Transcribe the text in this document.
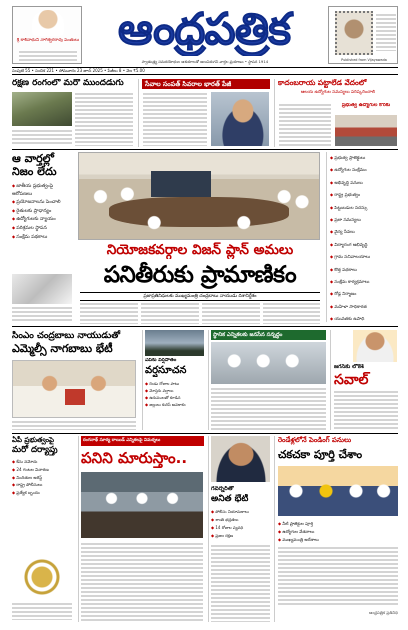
శ్రీ కాశీనాథుని నాగేశ్వరరావు పంతులు ఆంధ్రపత్రిక
స్వాతంత్ర్య సమరయోధుల ఆశయాలతో అలుపెరుగని వార్తల ప్రయాణం • స్థాపన 1914	Published from Vijayawada
సంపుటి 55 • సంచిక 221 • సోమవారం 23 జూన్ 2025 • పేజీలు 8 • వెల ₹5.00
రక్షణ రంగంలో మరో ముందడుగు	సేవాల సంపత్ సివరాల భారత్ పేజీ	కాదంబరాయ పట్టాలేడ వేదంలో
ఆలయ ఉద్యోగుల సమస్యలు పరిష్కరించాలి
ప్రభుత్వ ఉద్యోగుల కొరకు
ఆ వార్తల్లో నిజం లేదు
◆ జాతీయ ప్రభుత్వంపై ఆరోపణలు
◆ ప్రయోజనాలను పెంచాలి
◆ రైతులకు ప్రాధాన్యం
◆ ఉద్యోగులకు న్యాయం
◆ పరిశ్రమల స్థాపన
◆ సంక్షేమ పథకాలు
నియోజకవర్గాల విజన్ ప్లాన్ అమలు
పనితీరుకు ప్రామాణికం
ప్రజాప్రతినిధులకు ముఖ్యమంత్రి చంద్రబాబు నాయుడు దిశానిర్దేశం
◆ ప్రభుత్వ ప్రాజెక్టులు
◆ ఉద్యోగుల సంక్షేమం
◆ అభివృద్ధి పనులు
◆ రాష్ట్ర ప్రభుత్వం
◆ పెట్టుబడుల సదస్సు
◆ ప్రజా సమస్యలు
◆ వైద్య సేవలు
◆ విద్యారంగ అభివృద్ధి
◆ గ్రామ సచివాలయాలు
◆ కొత్త పథకాలు
◆ సంక్షేమ కార్యక్రమాలు
◆ రోడ్ల నిర్మాణం
◆ మహిళా సాధికారత
◆ యువతకు ఉపాధి
సింఎం చంద్రబాబు నాయుడుతో
ఎమ్మెల్సీ నాగబాబు భేటీ
ఏపీకు వర్షపాతం
వర్షసూచన
◆ రెండు రోజుల పాటు
◆ మోస్తరు వర్షాలు
◆ ఉరుములతో కూడిన
◆ జల్లులు కురిసే అవకాశం
స్థానిక ఎన్నికలకు జనసేన సన్నద్ధం
జగన్‌కు లోకేశ్
సవాల్
ఏపీ ప్రభుత్వంపై
మరో దర్యాప్తు
◆ కేసు నమోదు
◆ 24 గంటల విచారణ
◆ నిందితుల అరెస్ట్
◆ రాష్ట్ర పోలీసులు
◆ ప్రత్యేక బృందం
రంగనాథ్ సూర్య రాయిడ్ ఎన్నికలపై విమర్శలు
పనిని మారుస్తాం..
గవర్నర్‌తో
అనిత భేటీ
◆ పోలీసు నియామకాలు
◆ శాంతి భద్రతలు
◆ 14 రోజుల వ్యవధి
◆ ప్రజల రక్షణ
రెండేళ్లలోనే పెండింగ్ పనులు
చకచకా పూర్తి చేశాం
◆ నీటి ప్రాజెక్టుల పూర్తి
◆ ఉద్యోగుల వేతనాలు
◆ ముఖ్యమంత్రి ఆదేశాలు
ఆంధ్రపత్రిక ప్రతినిధి
